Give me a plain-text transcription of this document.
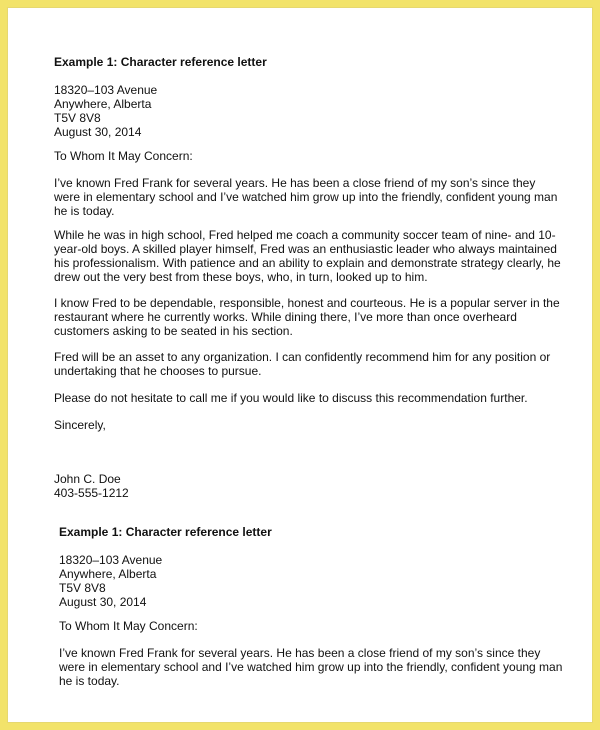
Example 1: Character reference letter

18320–103 Avenue

Anywhere, Alberta

T5V 8V8

August 30, 2014

To Whom It May Concern:

I’ve known Fred Frank for several years. He has been a close friend of my son’s since they
were in elementary school and I’ve watched him grow up into the friendly, confident young man
he is today.

While he was in high school, Fred helped me coach a community soccer team of nine- and 10-
year-old boys. A skilled player himself, Fred was an enthusiastic leader who always maintained
his professionalism. With patience and an ability to explain and demonstrate strategy clearly, he
drew out the very best from these boys, who, in turn, looked up to him.

I know Fred to be dependable, responsible, honest and courteous. He is a popular server in the
restaurant where he currently works. While dining there, I’ve more than once overheard
customers asking to be seated in his section.

Fred will be an asset to any organization. I can confidently recommend him for any position or
undertaking that he chooses to pursue.

Please do not hesitate to call me if you would like to discuss this recommendation further.

Sincerely,

John C. Doe

403-555-1212

Example 1: Character reference letter

18320–103 Avenue

Anywhere, Alberta

T5V 8V8

August 30, 2014

To Whom It May Concern:

I’ve known Fred Frank for several years. He has been a close friend of my son’s since they
were in elementary school and I’ve watched him grow up into the friendly, confident young man
he is today.
